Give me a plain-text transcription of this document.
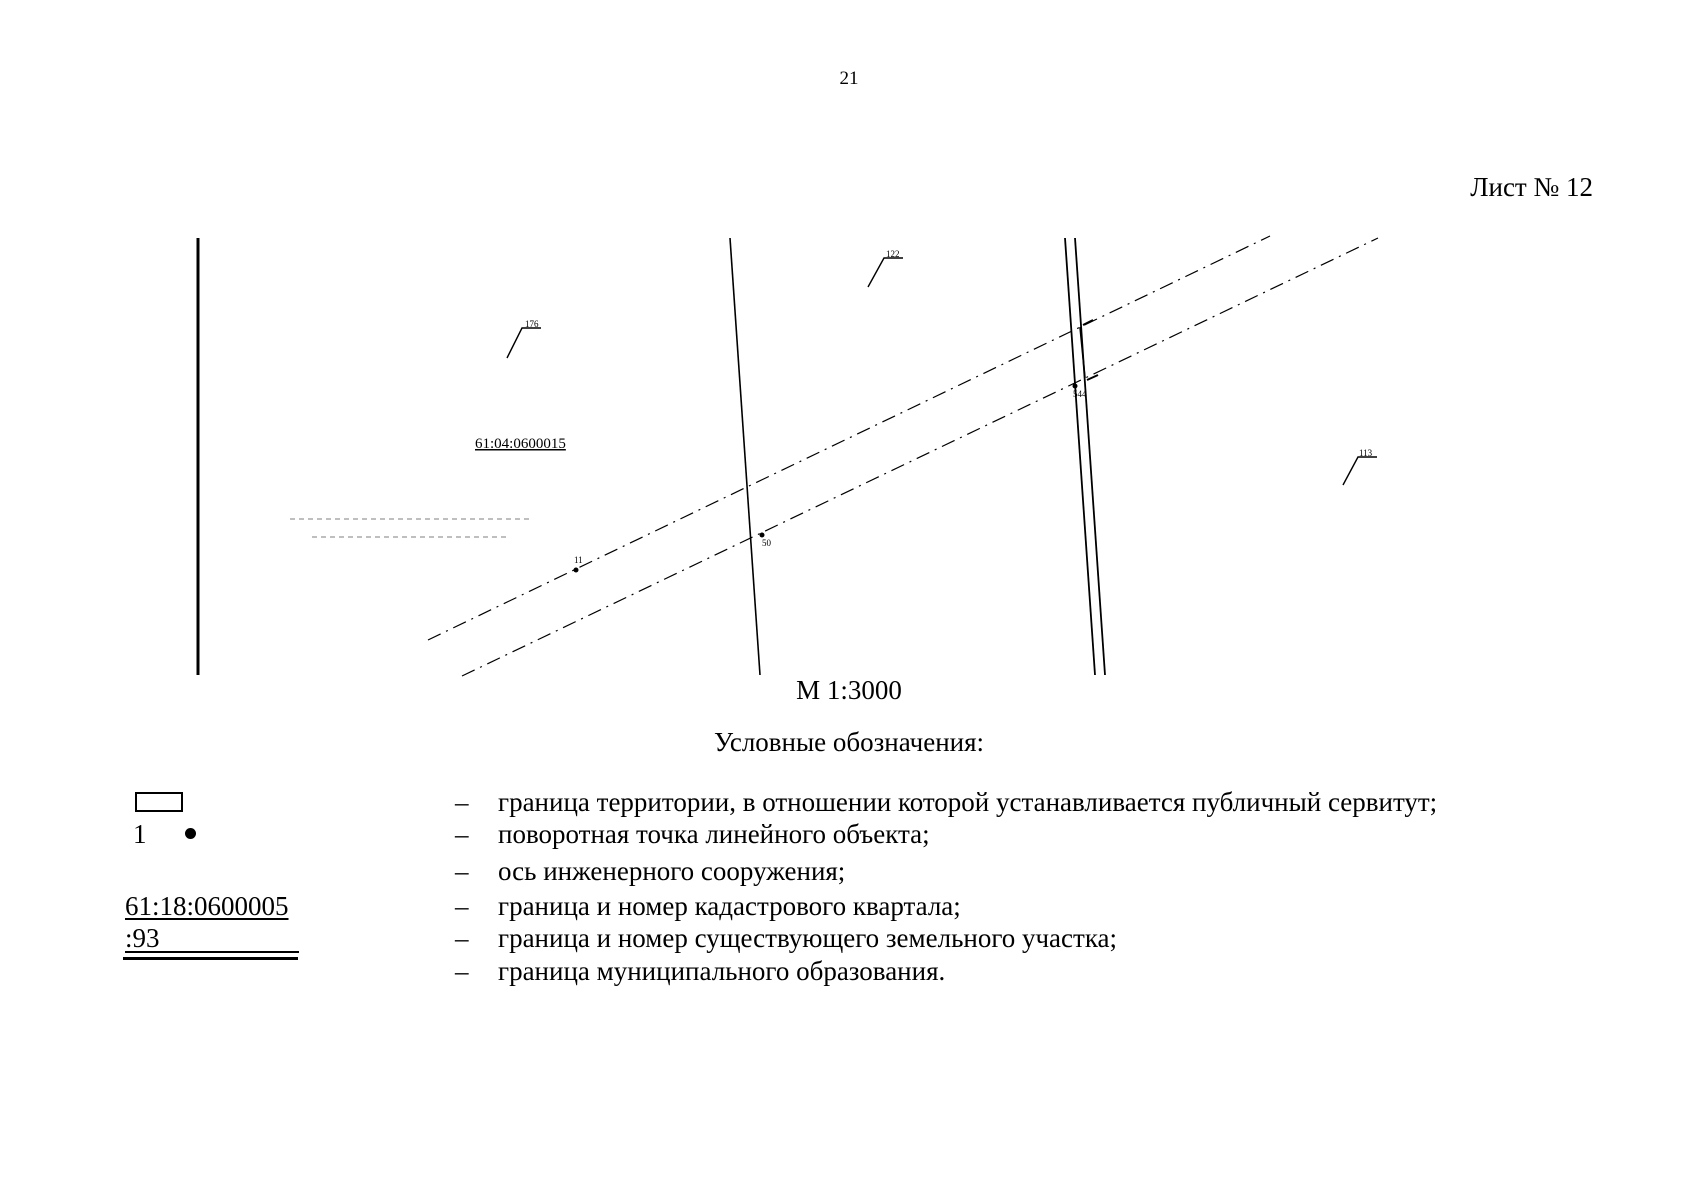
21
Лист № 12
176
122
113
61:04:0600015
11
50
544
М 1:3000
Условные обозначения:
– граница территории, в отношении которой устанавливается публичный сервитут;
1	– поворотная точка линейного объекта;
– ось инженерного сооружения;
61:18:0600005	– граница и номер кадастрового квартала;
:93	– граница и номер существующего земельного участка;
– граница муниципального образования.
